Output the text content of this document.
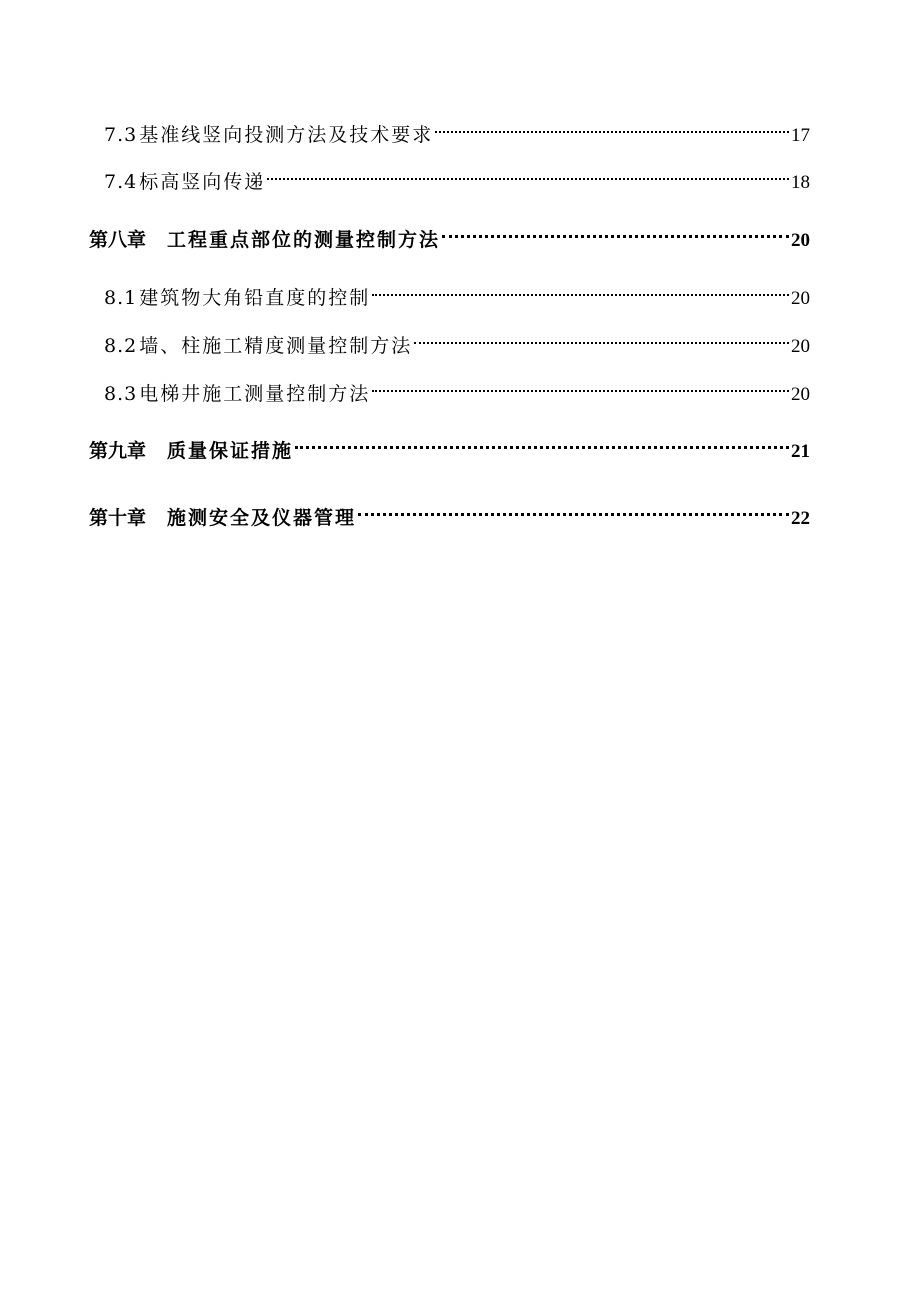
7.3 基准线竖向投测方法及技术要求	17
7.4 标高竖向传递	18
第八章 工程重点部位的测量控制方法	20
8.1 建筑物大角铅直度的控制	20
8.2 墙、柱施工精度测量控制方法	20
8.3 电梯井施工测量控制方法	20
第九章 质量保证措施	21
第十章 施测安全及仪器管理	22
